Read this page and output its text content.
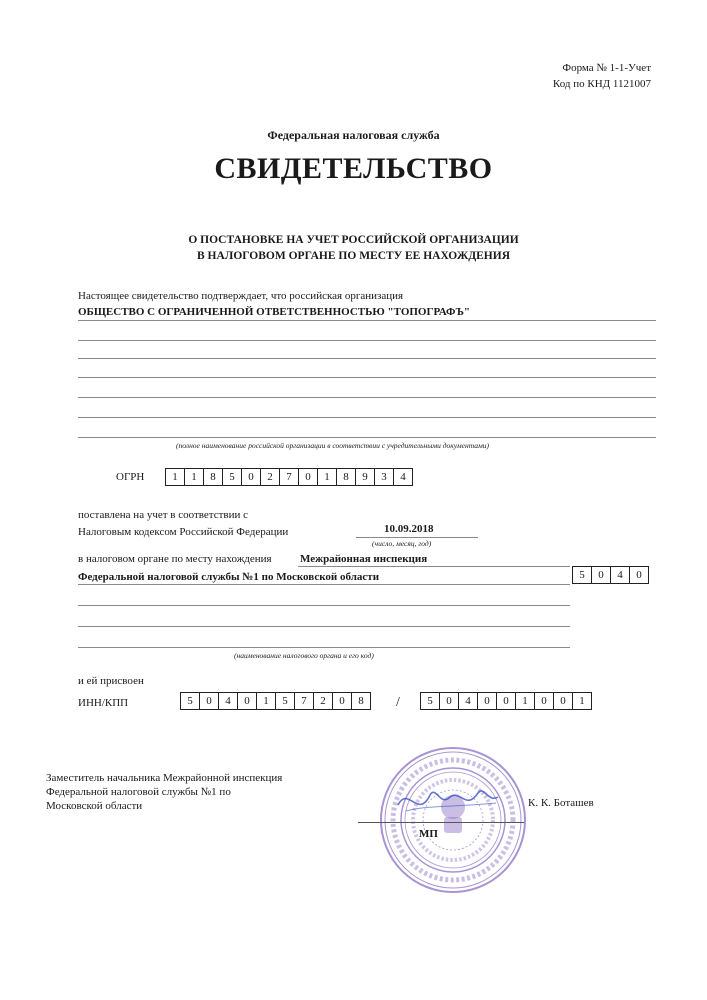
Форма № 1-1-Учет
Код по КНД 1121007
Федеральная налоговая служба
СВИДЕТЕЛЬСТВО
О ПОСТАНОВКЕ НА УЧЕТ РОССИЙСКОЙ ОРГАНИЗАЦИИ
В НАЛОГОВОМ ОРГАНЕ ПО МЕСТУ ЕЕ НАХОЖДЕНИЯ
Настоящее свидетельство подтверждает, что российская организация
ОБЩЕСТВО С ОГРАНИЧЕННОЙ ОТВЕТСТВЕННОСТЬЮ "ТОПОГРАФЪ"
(полное наименование российской организации в соответствии с учредительными документами)
ОГРН	1	1	8	5	0	2	7	0	1	8	9	3	4
поставлена на учет в соответствии с
Налоговым кодексом Российской Федерации	10.09.2018
(число, месяц, год)
в налоговом органе по месту нахождения	Межрайонная инспекция
Федеральной налоговой службы №1 по Московской области	5	0	4	0
(наименование налогового органа и его код)
и ей присвоен
ИНН/КПП	5	0	4	0	1	5	7	2	0	8	/	5	0	4	0	0	1	0	0	1
Заместитель начальника Межрайонной инспекция
Федеральной налоговой службы №1 по
Московской области	К. К. Боташев
МП
